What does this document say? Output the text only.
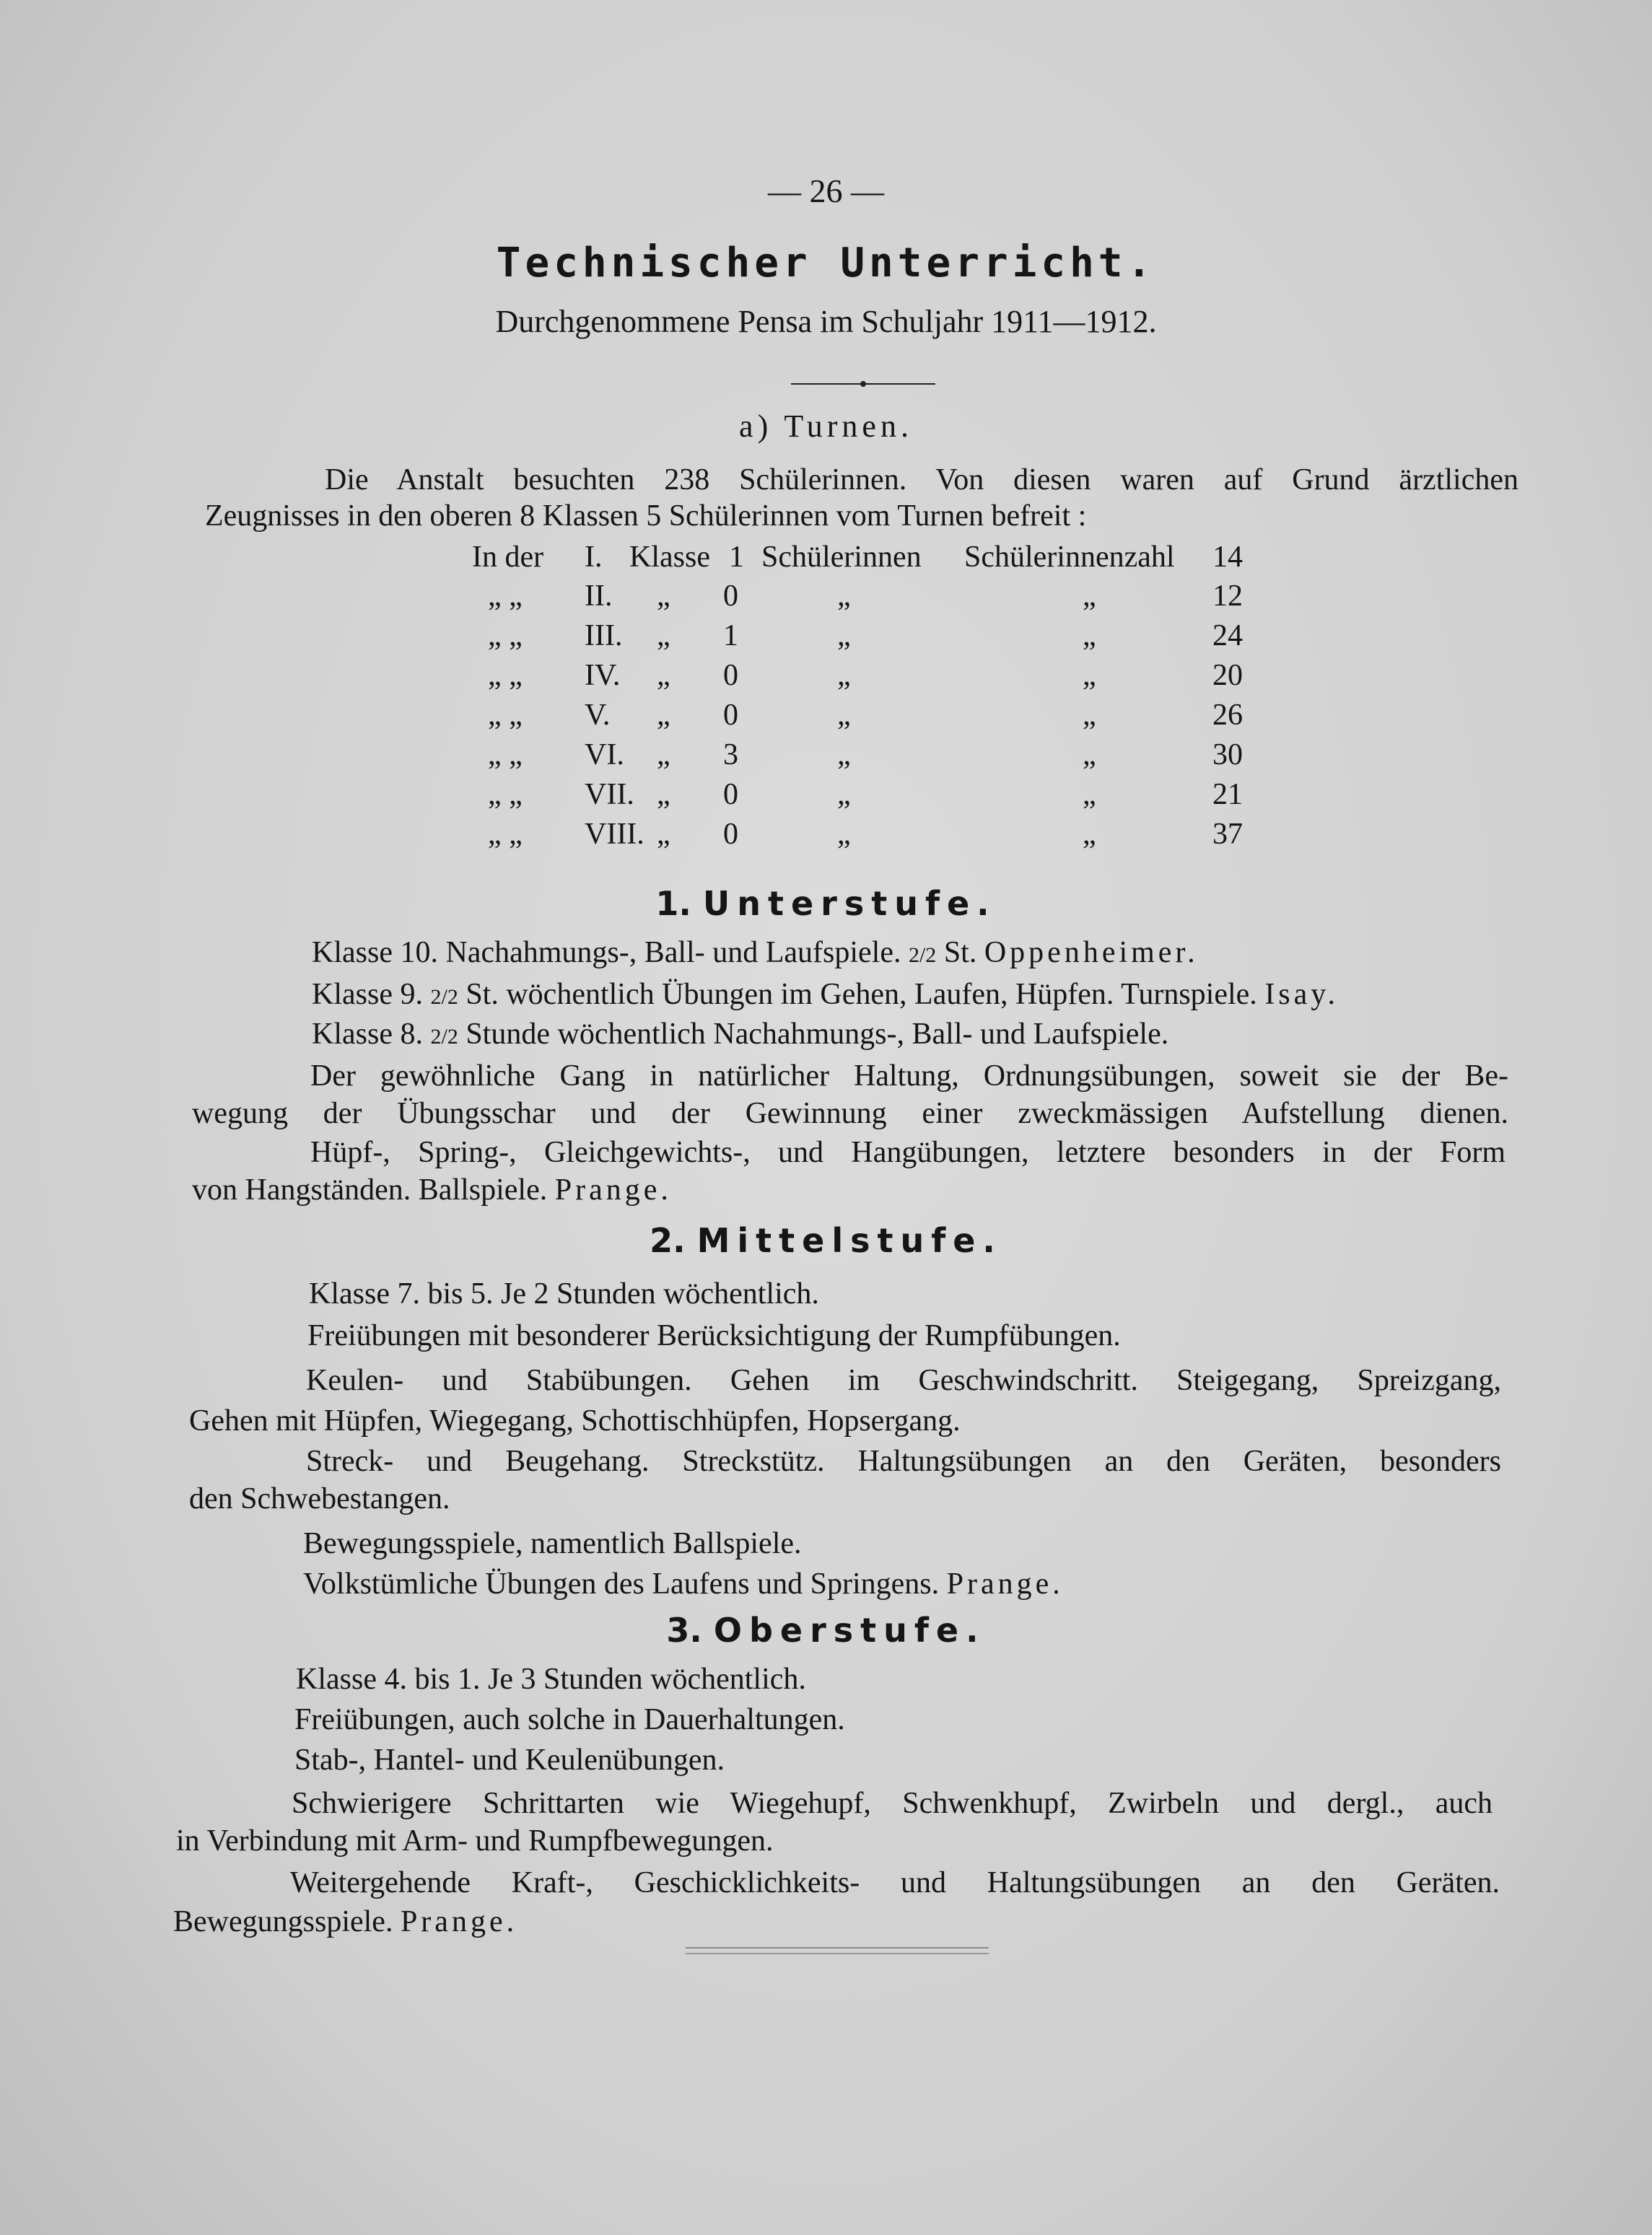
— 26 —
Technischer Unterricht.
Durchgenommene Pensa im Schuljahr 1911—1912.
a) Turnen.
Die Anstalt besuchten 238 Schülerinnen. Von diesen waren auf Grund ärztlichen
Zeugnisses in den oberen 8 Klassen 5 Schülerinnen vom Turnen befreit :
In der I. Klasse 1 Schülerinnen Schülerinnenzahl 14
„ „ II. „ 0	„	„	12
„ „ III. „ 1	„	„	24
„ „ IV. „ 0	„	„	20
„ „ V. „ 0	„	„	26
„ „ VI. „ 3	„	„	30
„ „ VII. „ 0	„	„	21
„ „ VIII. „ 0	„	„	37
1. Unterstufe.
Klasse 10. Nachahmungs-, Ball- und Laufspiele. 2/2 St. Oppenheimer.
Klasse 9. 2/2 St. wöchentlich Übungen im Gehen, Laufen, Hüpfen. Turnspiele. Isay.
Klasse 8. 2/2 Stunde wöchentlich Nachahmungs-, Ball- und Laufspiele.
Der gewöhnliche Gang in natürlicher Haltung, Ordnungsübungen, soweit sie der Be-
wegung der Übungsschar und der Gewinnung einer zweckmässigen Aufstellung dienen.
Hüpf-, Spring-, Gleichgewichts-, und Hangübungen, letztere besonders in der Form
von Hangständen. Ballspiele. Prange.
2. Mittelstufe.
Klasse 7. bis 5. Je 2 Stunden wöchentlich.
Freiübungen mit besonderer Berücksichtigung der Rumpfübungen.
Keulen- und Stabübungen. Gehen im Geschwindschritt. Steigegang, Spreizgang,
Gehen mit Hüpfen, Wiegegang, Schottischhüpfen, Hopsergang.
Streck- und Beugehang. Streckstütz. Haltungsübungen an den Geräten, besonders
den Schwebestangen.
Bewegungsspiele, namentlich Ballspiele.
Volkstümliche Übungen des Laufens und Springens. Prange.
3. Oberstufe.
Klasse 4. bis 1. Je 3 Stunden wöchentlich.
Freiübungen, auch solche in Dauerhaltungen.
Stab-, Hantel- und Keulenübungen.
Schwierigere Schrittarten wie Wiegehupf, Schwenkhupf, Zwirbeln und dergl., auch
in Verbindung mit Arm- und Rumpfbewegungen.
Weitergehende Kraft-, Geschicklichkeits- und Haltungsübungen an den Geräten.
Bewegungsspiele. Prange.
